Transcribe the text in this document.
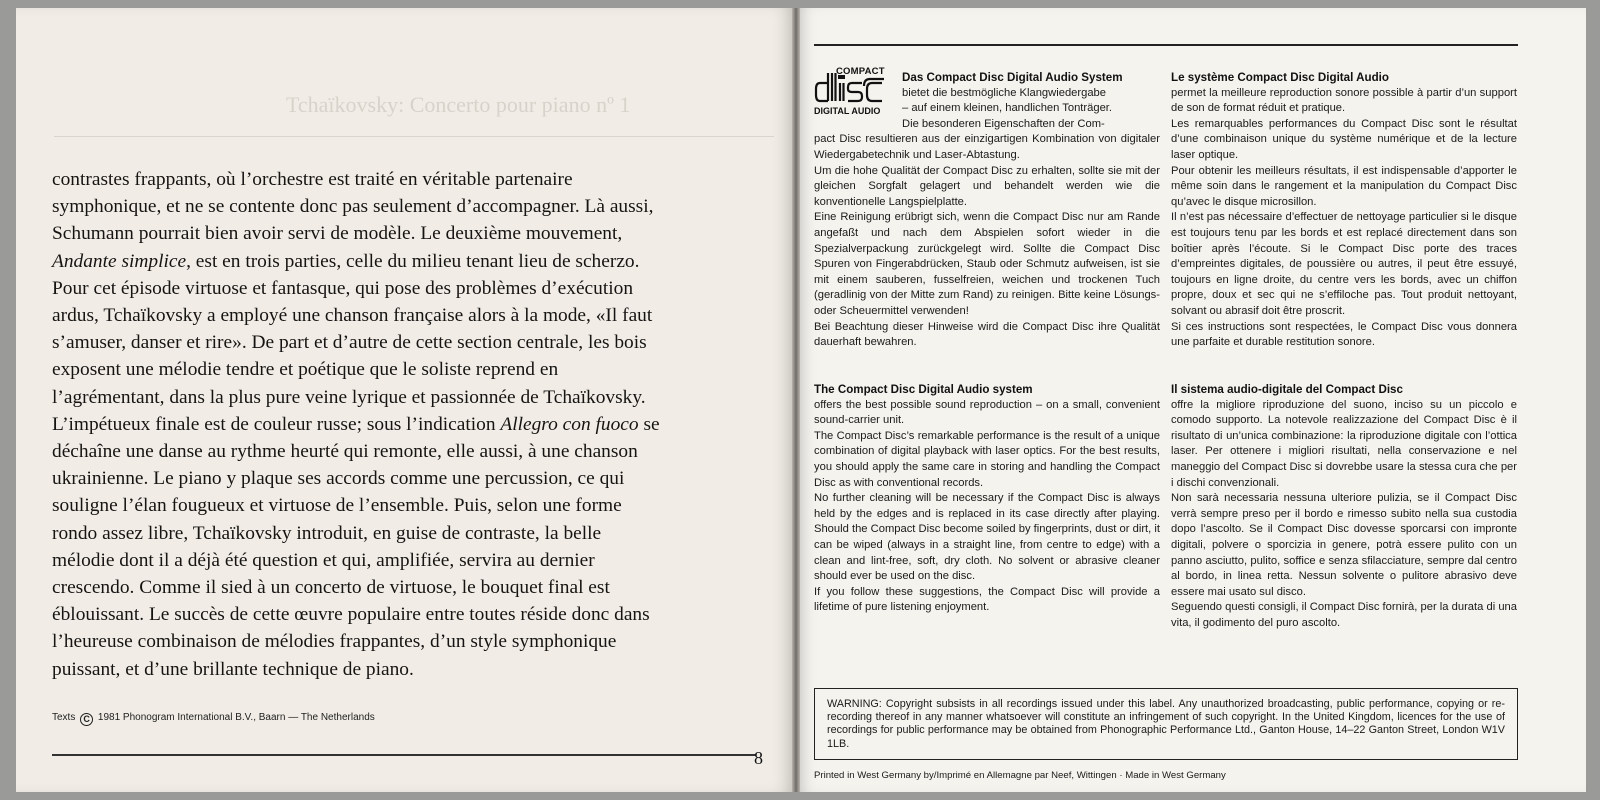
Tchaïkovsky: Concerto pour piano nº 1
contrastes frappants, où l’orchestre est traité en véritable partenaire
symphonique, et ne se contente donc pas seulement d’accompagner. Là aussi,
Schumann pourrait bien avoir servi de modèle. Le deuxième mouvement,
Andante simplice, est en trois parties, celle du milieu tenant lieu de scherzo.
Pour cet épisode virtuose et fantasque, qui pose des problèmes d’exécution
ardus, Tchaïkovsky a employé une chanson française alors à la mode, «Il faut
s’amuser, danser et rire». De part et d’autre de cette section centrale, les bois
exposent une mélodie tendre et poétique que le soliste reprend en
l’agrémentant, dans la plus pure veine lyrique et passionnée de Tchaïkovsky.
L’impétueux finale est de couleur russe; sous l’indication Allegro con fuoco se
déchaîne une danse au rythme heurté qui remonte, elle aussi, à une chanson
ukrainienne. Le piano y plaque ses accords comme une percussion, ce qui
souligne l’élan fougueux et virtuose de l’ensemble. Puis, selon une forme
rondo assez libre, Tchaïkovsky introduit, en guise de contraste, la belle
mélodie dont il a déjà été question et qui, amplifiée, servira au dernier
crescendo. Comme il sied à un concerto de virtuose, le bouquet final est
éblouissant. Le succès de cette œuvre populaire entre toutes réside donc dans
l’heureuse combinaison de mélodies frappantes, d’un style symphonique
puissant, et d’une brillante technique de piano.
Texts C 1981 Phonogram International B.V., Baarn — The Netherlands
8
COMPACT
DIGITAL AUDIO
Das Compact Disc Digital Audio System

bietet die bestmögliche Klangwiedergabe

– auf einem kleinen, handlichen Tonträger.

Die besonderen Eigenschaften der Com-

pact Disc resultieren aus der einzigartigen Kombination von digitaler Wiedergabetechnik und Laser-Abtastung.

Um die hohe Qualität der Compact Disc zu erhalten, sollte sie mit der gleichen Sorgfalt gelagert und behandelt werden wie die konventionelle Langspielplatte.

Eine Reinigung erübrigt sich, wenn die Compact Disc nur am Rande angefaßt und nach dem Abspielen sofort wieder in die Spezialverpackung zurückgelegt wird. Sollte die Compact Disc Spuren von Fingerabdrücken, Staub oder Schmutz aufweisen, ist sie mit einem sauberen, fusselfreien, weichen und trockenen Tuch (geradlinig von der Mitte zum Rand) zu reinigen. Bitte keine Lösungs- oder Scheuermittel verwenden!

Bei Beachtung dieser Hinweise wird die Compact Disc ihre Qualität dauerhaft bewahren.

Le système Compact Disc Digital Audio

permet la meilleure reproduction sonore possible à partir d’un support de son de format réduit et pratique.

Les remarquables performances du Compact Disc sont le résultat d’une combinaison unique du système numérique et de la lecture laser optique.

Pour obtenir les meilleurs résultats, il est indispensable d’apporter le même soin dans le rangement et la manipulation du Compact Disc qu’avec le disque microsillon.

Il n’est pas nécessaire d’effectuer de nettoyage particulier si le disque est toujours tenu par les bords et est replacé directement dans son boîtier après l’écoute. Si le Compact Disc porte des traces d’empreintes digitales, de poussière ou autres, il peut être essuyé, toujours en ligne droite, du centre vers les bords, avec un chiffon propre, doux et sec qui ne s’effiloche pas. Tout produit nettoyant, solvant ou abrasif doit être proscrit.

Si ces instructions sont respectées, le Compact Disc vous donnera une parfaite et durable restitution sonore.

The Compact Disc Digital Audio system

offers the best possible sound reproduction – on a small, convenient sound-carrier unit.

The Compact Disc’s remarkable performance is the result of a unique combination of digital playback with laser optics. For the best results, you should apply the same care in storing and handling the Compact Disc as with conventional records.

No further cleaning will be necessary if the Compact Disc is always held by the edges and is replaced in its case directly after playing. Should the Compact Disc become soiled by fingerprints, dust or dirt, it can be wiped (always in a straight line, from centre to edge) with a clean and lint-free, soft, dry cloth. No solvent or abrasive cleaner should ever be used on the disc.

If you follow these suggestions, the Compact Disc will provide a lifetime of pure listening enjoyment.

Il sistema audio-digitale del Compact Disc

offre la migliore riproduzione del suono, inciso su un piccolo e comodo supporto. La notevole realizzazione del Compact Disc è il risultato di un’unica combinazione: la riproduzione digitale con l’ottica laser. Per ottenere i migliori risultati, nella conservazione e nel maneggio del Compact Disc si dovrebbe usare la stessa cura che per i dischi convenzionali.

Non sarà necessaria nessuna ulteriore pulizia, se il Compact Disc verrà sempre preso per il bordo e rimesso subito nella sua custodia dopo l’ascolto. Se il Compact Disc dovesse sporcarsi con impronte digitali, polvere o sporcizia in genere, potrà essere pulito con un panno asciutto, pulito, soffice e senza sfilacciature, sempre dal centro al bordo, in linea retta. Nessun solvente o pulitore abrasivo deve essere mai usato sul disco.

Seguendo questi consigli, il Compact Disc fornirà, per la durata di una vita, il godimento del puro ascolto.

WARNING: Copyright subsists in all recordings issued under this label. Any unauthorized broadcasting, public performance, copying or re-recording thereof in any manner whatsoever will constitute an infringement of such copyright. In the United Kingdom, licences for the use of recordings for public performance may be obtained from Phonographic Performance Ltd., Ganton House, 14–22 Ganton Street, London W1V 1LB.
Printed in West Germany by/Imprimé en Allemagne par Neef, Wittingen · Made in West Germany
